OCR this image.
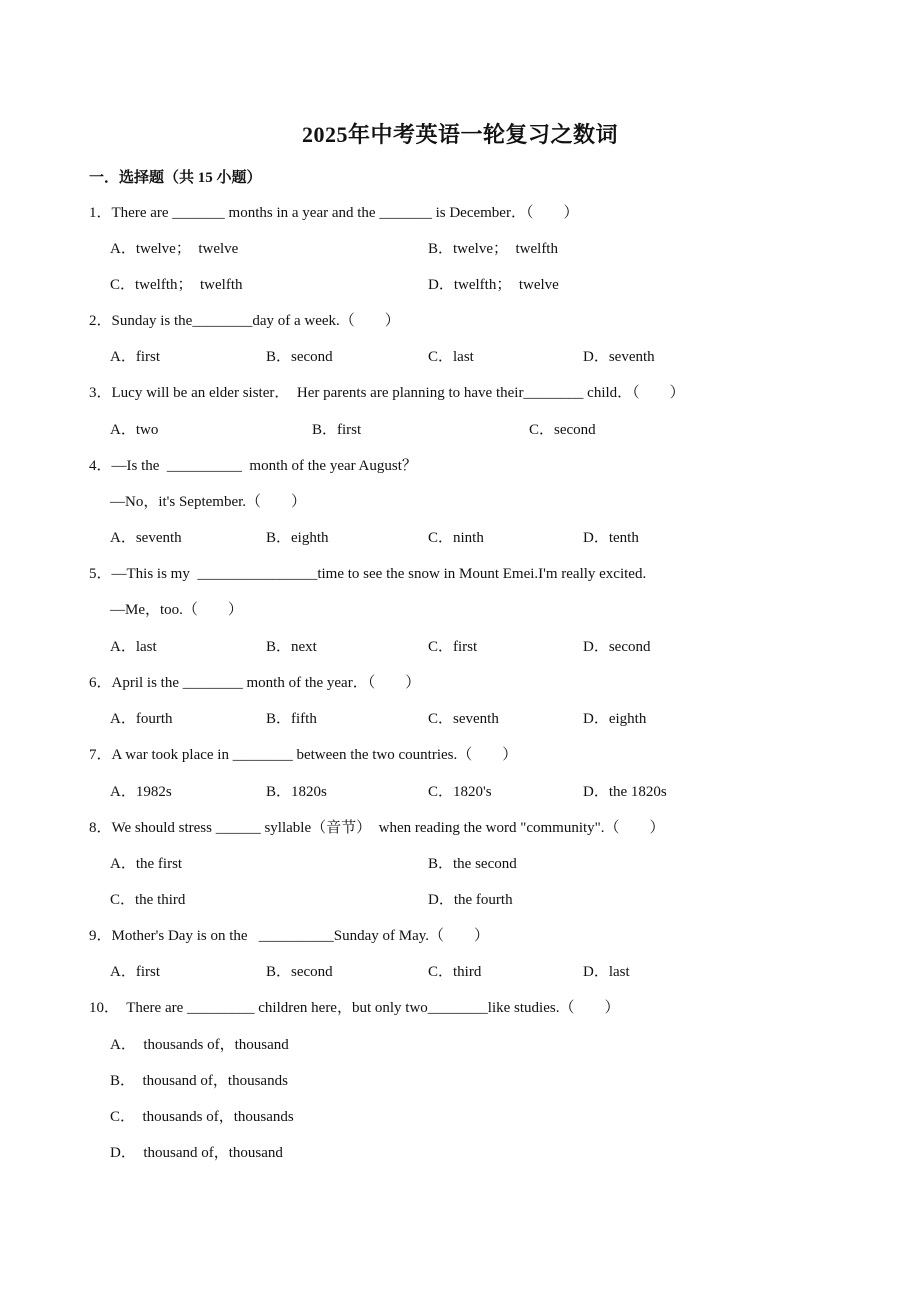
2025年中考英语一轮复习之数词
一．选择题（共 15 小题）
1．There are _______ months in a year and the _______ is December．（　　）
A．twelve；  twelve	B．twelve；  twelfth
C．twelfth；  twelfth	D．twelfth；  twelve
2．Sunday is the________day of a week.（　　）
A．first	B．second	C．last	D．seventh
3．Lucy will be an elder sister．  Her parents are planning to have their________ child．（　　）
A．two	B．first	C．second
4．—Is the  __________  month of the year August？
—No，it's September.（　　）
A．seventh	B．eighth	C．ninth	D．tenth
5．—This is my  ________________time to see the snow in Mount Emei.I'm really excited.
—Me，too.（　　）
A．last	B．next	C．first	D．second
6．April is the ________ month of the year．（　　）
A．fourth	B．fifth	C．seventh	D．eighth
7．A war took place in ________ between the two countries.（　　）
A．1982s	B．1820s	C．1820's	D．the 1820s
8．We should stress ______ syllable（音节）  when reading the word "community".（　　）
A．the first	B．the second
C．the third	D．the fourth
9．Mother's Day is on the   __________Sunday of May.（　　）
A．first	B．second	C．third	D．last
10．  There are _________ children here，but only two________like studies.（　　）
A．  thousands of，thousand
B．  thousand of，thousands
C．  thousands of，thousands
D．  thousand of，thousand
